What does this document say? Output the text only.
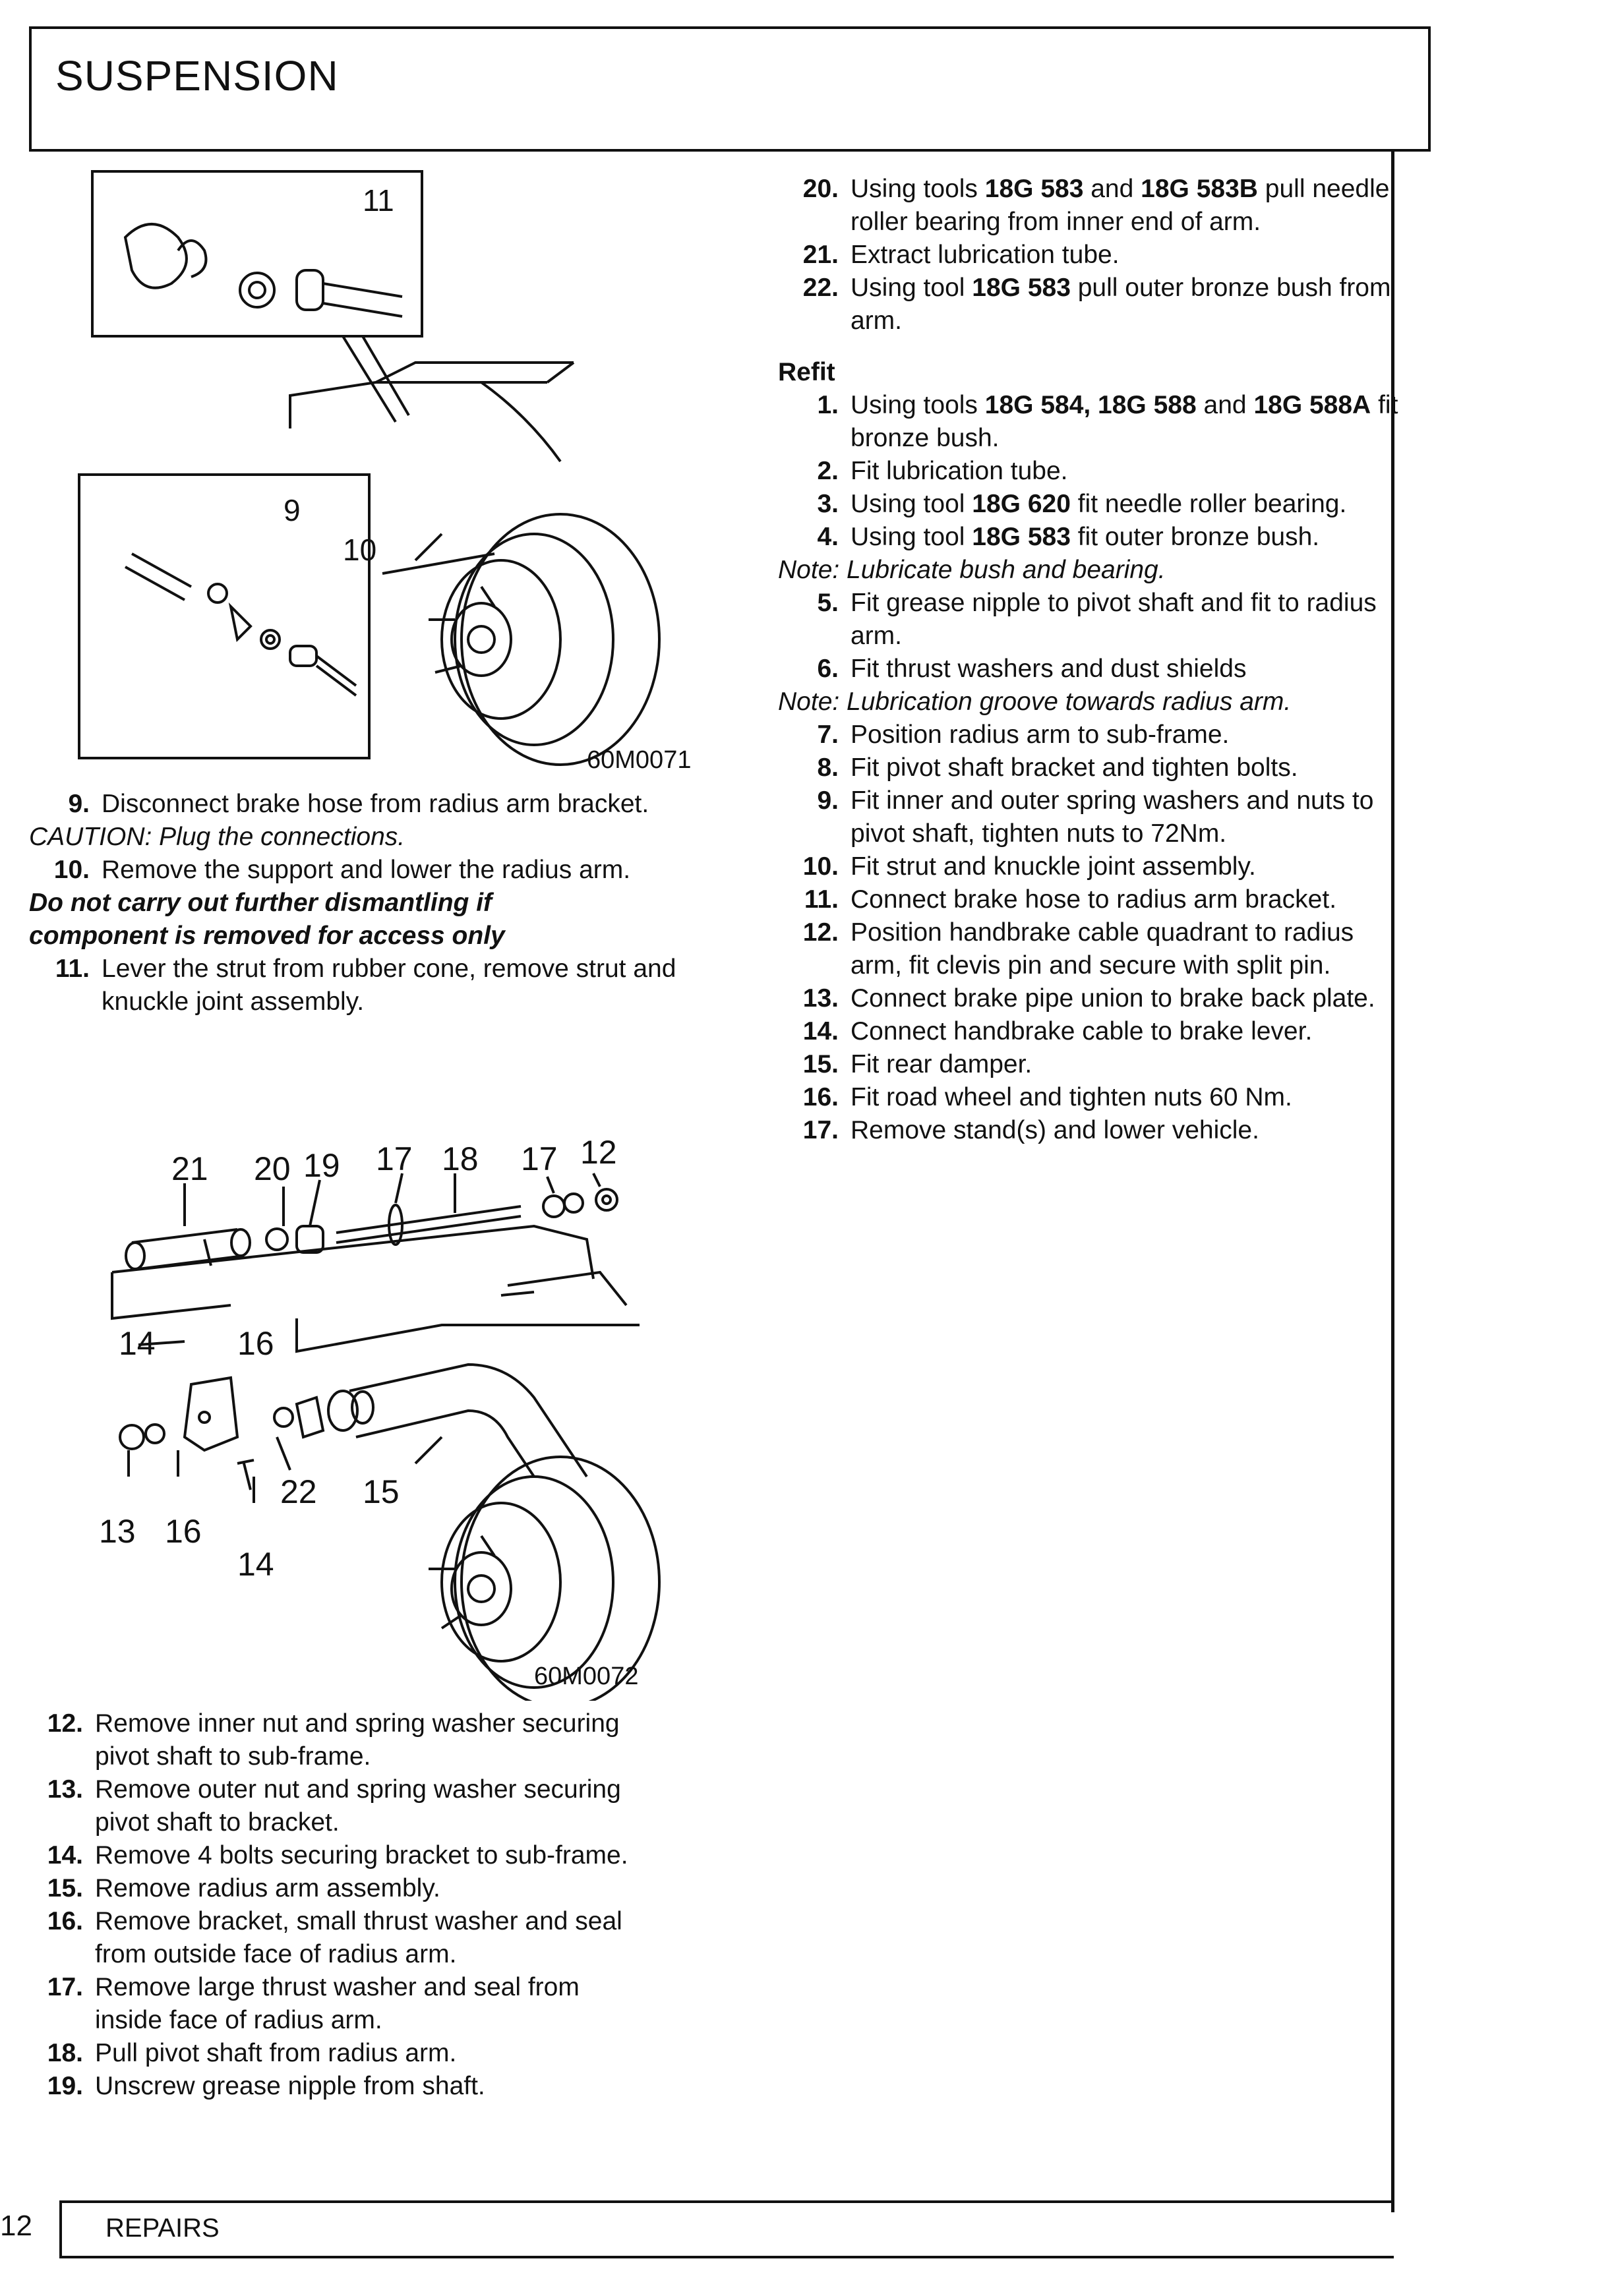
SUSPENSION
11
9
10
60M0071
9. Disconnect brake hose from radius arm bracket.
CAUTION: Plug the connections.
10. Remove the support and lower the radius arm.
Do not carry out further dismantling if component is removed for access only
11. Lever the strut from rubber cone, remove strut and knuckle joint assembly.
21 20 19 17 18 17 12
14 16
22 15
13 16
14
60M0072
12. Remove inner nut and spring washer securing pivot shaft to sub-frame.
13. Remove outer nut and spring washer securing pivot shaft to bracket.
14. Remove 4 bolts securing bracket to sub-frame.
15. Remove radius arm assembly.
16. Remove bracket, small thrust washer and seal from outside face of radius arm.
17. Remove large thrust washer and seal from inside face of radius arm.
18. Pull pivot shaft from radius arm.
19. Unscrew grease nipple from shaft.
20. Using tools 18G 583 and 18G 583B pull needle roller bearing from inner end of arm.
21. Extract lubrication tube.
22. Using tool 18G 583 pull outer bronze bush from arm.
Refit
1. Using tools 18G 584, 18G 588 and 18G 588A fit bronze bush.
2. Fit lubrication tube.
3. Using tool 18G 620 fit needle roller bearing.
4. Using tool 18G 583 fit outer bronze bush.
Note: Lubricate bush and bearing.
5. Fit grease nipple to pivot shaft and fit to radius arm.
6. Fit thrust washers and dust shields
Note: Lubrication groove towards radius arm.
7. Position radius arm to sub-frame.
8. Fit pivot shaft bracket and tighten bolts.
9. Fit inner and outer spring washers and nuts to pivot shaft, tighten nuts to 72Nm.
10. Fit strut and knuckle joint assembly.
11. Connect brake hose to radius arm bracket.
12. Position handbrake cable quadrant to radius arm, fit clevis pin and secure with split pin.
13. Connect brake pipe union to brake back plate.
14. Connect handbrake cable to brake lever.
15. Fit rear damper.
16. Fit road wheel and tighten nuts 60 Nm.
17. Remove stand(s) and lower vehicle.
12	REPAIRS
